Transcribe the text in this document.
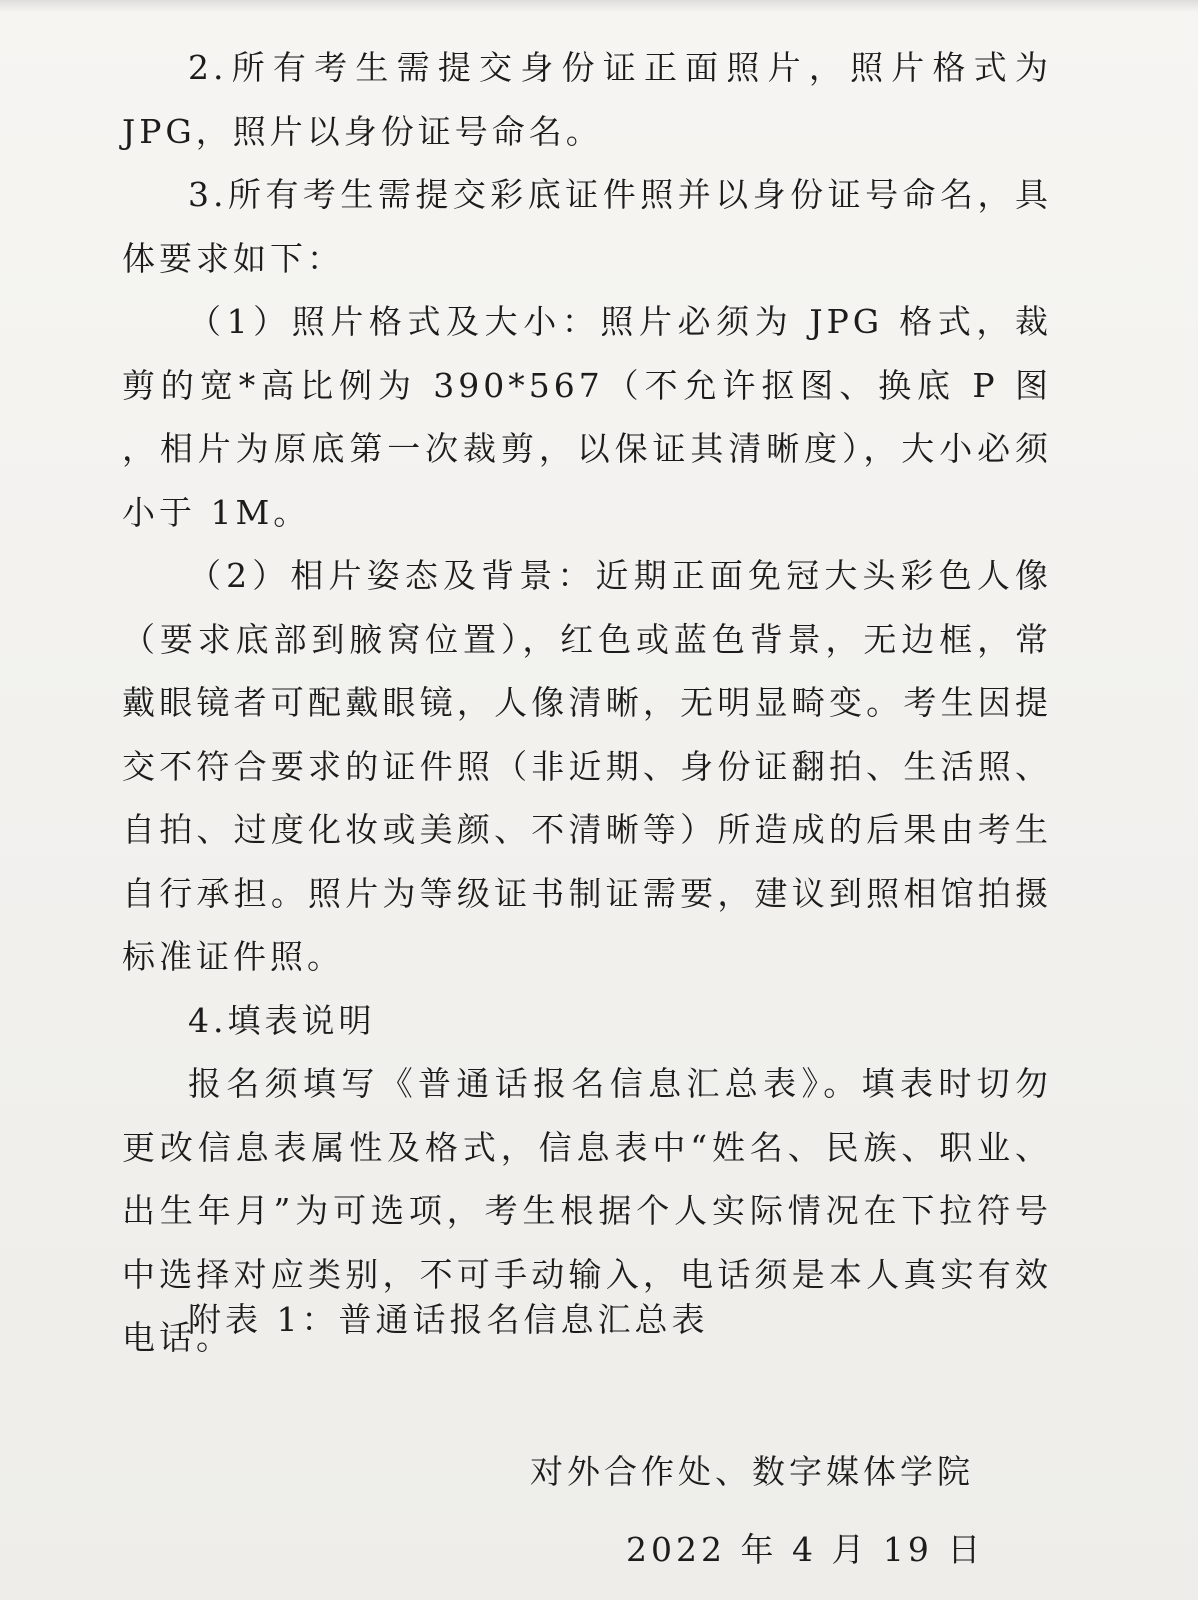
2.所有考生需提交身份证正面照片，照片格式为 JPG，照片以身份证号命名。

3.所有考生需提交彩底证件照并以身份证号命名，具体要求如下：

（1）照片格式及大小：照片必须为 JPG 格式，裁剪的宽*高比例为 390*567（不允许抠图、换底 P 图 ，相片为原底第一次裁剪，以保证其清晰度），大小必须小于 1M。

（2）相片姿态及背景：近期正面免冠大头彩色人像（要求底部到腋窝位置），红色或蓝色背景，无边框，常戴眼镜者可配戴眼镜，人像清晰，无明显畸变。考生因提交不符合要求的证件照（非近期、身份证翻拍、生活照、自拍、过度化妆或美颜、不清晰等）所造成的后果由考生自行承担。照片为等级证书制证需要，建议到照相馆拍摄标准证件照。

4.填表说明

报名须填写《普通话报名信息汇总表》。填表时切勿更改信息表属性及格式，信息表中“姓名、民族、职业、出生年月”为可选项，考生根据个人实际情况在下拉符号中选择对应类别，不可手动输入，电话须是本人真实有效电话。

附表 1：普通话报名信息汇总表
对外合作处、数字媒体学院
2022 年 4 月 19 日
